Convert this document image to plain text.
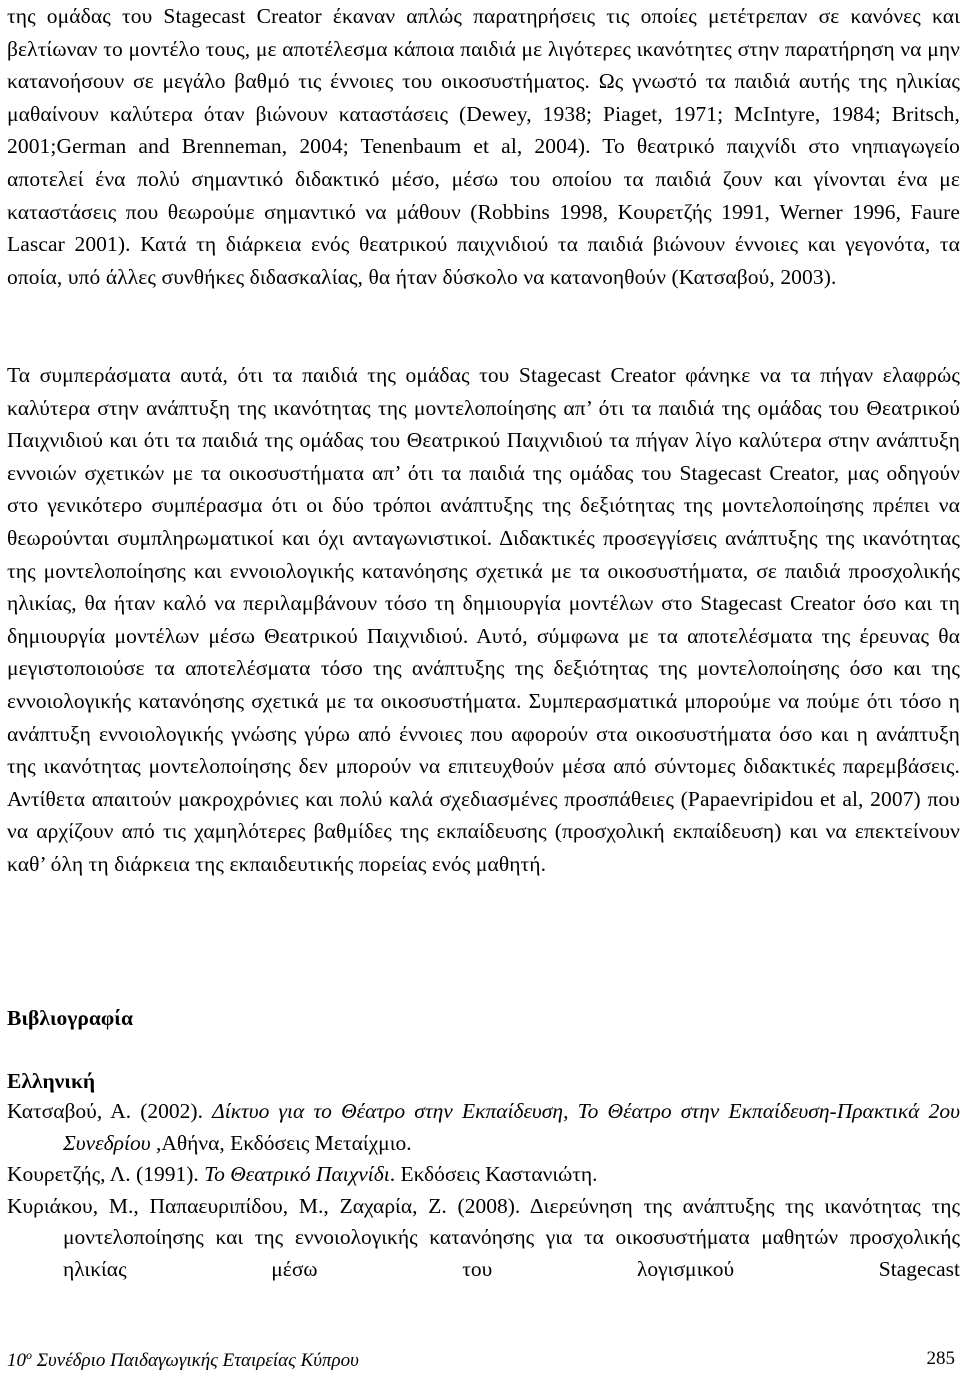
της ομάδας του Stagecast Creator έκαναν απλώς παρατηρήσεις τις οποίες μετέτρεπαν σε κανόνες και βελτίωναν το μοντέλο τους, με αποτέλεσμα κάποια παιδιά με λιγότερες ικανότητες στην παρατήρηση να μην κατανοήσουν σε μεγάλο βαθμό τις έννοιες του οικοσυστήματος. Ως γνωστό τα παιδιά αυτής της ηλικίας μαθαίνουν καλύτερα όταν βιώνουν καταστάσεις (Dewey, 1938; Piaget, 1971; McIntyre, 1984; Britsch, 2001;German and Brenneman, 2004; Tenenbaum et al, 2004). Το θεατρικό παιχνίδι στο νηπιαγωγείο αποτελεί ένα πολύ σημαντικό διδακτικό μέσο, μέσω του οποίου τα παιδιά ζουν και γίνονται ένα με καταστάσεις που θεωρούμε σημαντικό να μάθουν (Robbins 1998, Κουρετζής 1991, Werner 1996, Faure Lascar 2001). Κατά τη διάρκεια ενός θεατρικού παιχνιδιού τα παιδιά βιώνουν έννοιες και γεγονότα, τα οποία, υπό άλλες συνθήκες διδασκαλίας, θα ήταν δύσκολο να κατανοηθούν (Κατσαβού, 2003).

Τα συμπεράσματα αυτά, ότι τα παιδιά της ομάδας του Stagecast Creator φάνηκε να τα πήγαν ελαφρώς καλύτερα στην ανάπτυξη της ικανότητας της μοντελοποίησης απ’ ότι τα παιδιά της ομάδας του Θεατρικού Παιχνιδιού και ότι τα παιδιά της ομάδας του Θεατρικού Παιχνιδιού τα πήγαν λίγο καλύτερα στην ανάπτυξη εννοιών σχετικών με τα οικοσυστήματα απ’ ότι τα παιδιά της ομάδας του Stagecast Creator, μας οδηγούν στο γενικότερο συμπέρασμα ότι οι δύο τρόποι ανάπτυξης της δεξιότητας της μοντελοποίησης πρέπει να θεωρούνται συμπληρωματικοί και όχι ανταγωνιστικοί. Διδακτικές προσεγγίσεις ανάπτυξης της ικανότητας της μοντελοποίησης και εννοιολογικής κατανόησης σχετικά με τα οικοσυστήματα, σε παιδιά προσχολικής ηλικίας, θα ήταν καλό να περιλαμβάνουν τόσο τη δημιουργία μοντέλων στο Stagecast Creator όσο και τη δημιουργία μοντέλων μέσω Θεατρικού Παιχνιδιού. Αυτό, σύμφωνα με τα αποτελέσματα της έρευνας θα μεγιστοποιούσε τα αποτελέσματα τόσο της ανάπτυξης της δεξιότητας της μοντελοποίησης όσο και της εννοιολογικής κατανόησης σχετικά με τα οικοσυστήματα. Συμπερασματικά μπορούμε να πούμε ότι τόσο η ανάπτυξη εννοιολογικής γνώσης γύρω από έννοιες που αφορούν στα οικοσυστήματα όσο και η ανάπτυξη της ικανότητας μοντελοποίησης δεν μπορούν να επιτευχθούν μέσα από σύντομες διδακτικές παρεμβάσεις. Αντίθετα απαιτούν μακροχρόνιες και πολύ καλά σχεδιασμένες προσπάθειες (Papaevripidou et al, 2007) που να αρχίζουν από τις χαμηλότερες βαθμίδες της εκπαίδευσης (προσχολική εκπαίδευση) και να επεκτείνουν καθ’ όλη τη διάρκεια της εκπαιδευτικής πορείας ενός μαθητή.

Βιβλιογραφία

Ελληνική

Κατσαβού, Α. (2002). Δίκτυο για το Θέατρο στην Εκπαίδευση, Το Θέατρο στην Εκπαίδευση-Πρακτικά 2ου Συνεδρίου ,Αθήνα, Εκδόσεις Μεταίχμιο.

Κουρετζής, Λ. (1991). Το Θεατρικό Παιχνίδι. Εκδόσεις Καστανιώτη.

Κυριάκου, Μ., Παπαευριπίδου, Μ., Ζαχαρία, Ζ. (2008). Διερεύνηση της ανάπτυξης της ικανότητας της μοντελοποίησης και της εννοιολογικής κατανόησης για τα οικοσυστήματα μαθητών προσχολικής ηλικίας μέσω του λογισμικού Stagecast

$10^o$ Συνέδριο Παιδαγωγικής Εταιρείας Κύπρου	285
